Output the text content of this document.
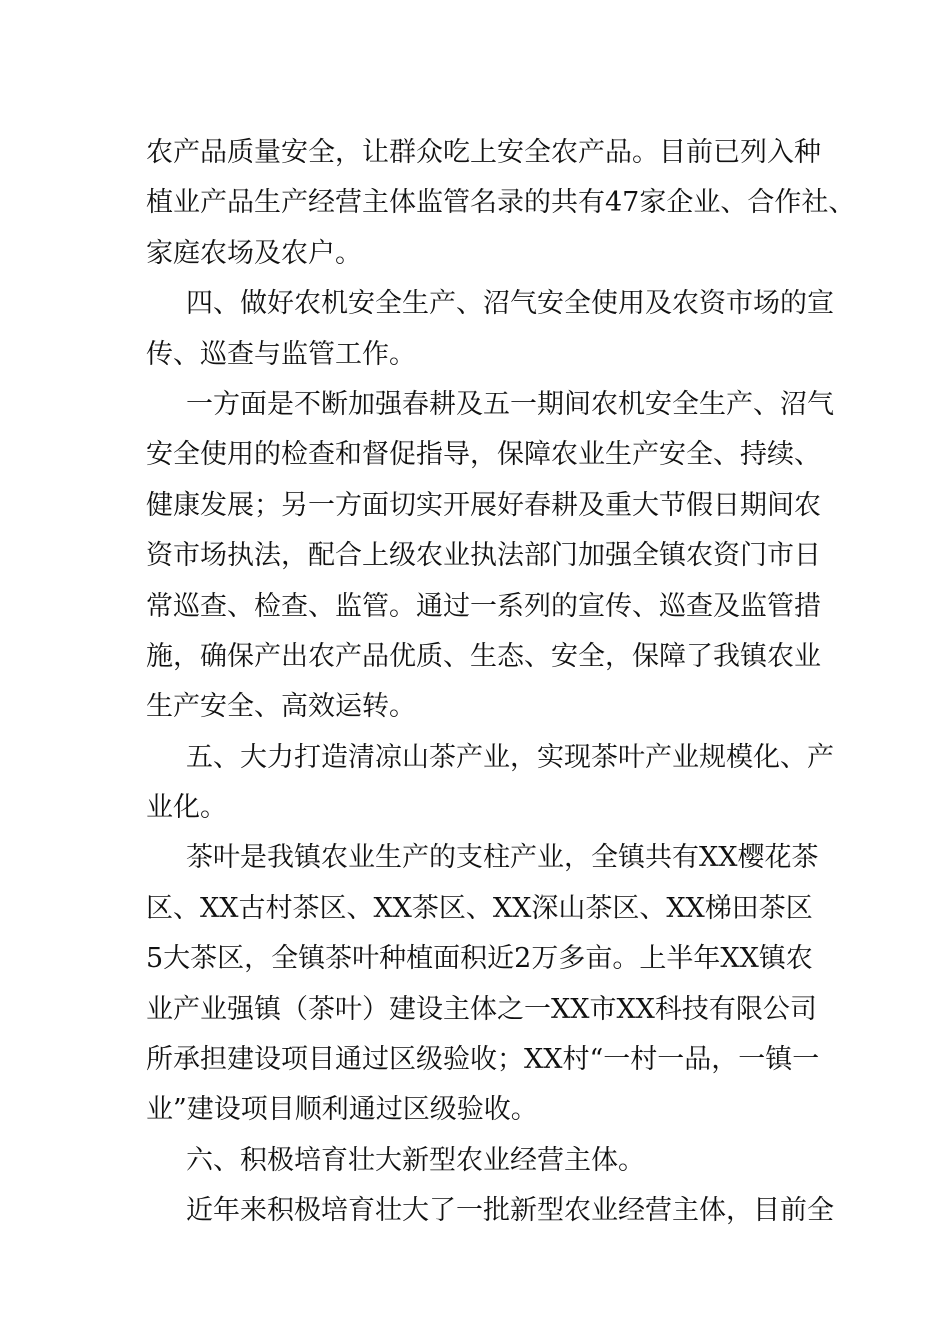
农产品质量安全，让群众吃上安全农产品。目前已列入种
植业产品生产经营主体监管名录的共有47家企业、合作社、
家庭农场及农户。
四、做好农机安全生产、沼气安全使用及农资市场的宣
传、巡查与监管工作。
一方面是不断加强春耕及五一期间农机安全生产、沼气
安全使用的检查和督促指导，保障农业生产安全、持续、
健康发展；另一方面切实开展好春耕及重大节假日期间农
资市场执法，配合上级农业执法部门加强全镇农资门市日
常巡查、检查、监管。通过一系列的宣传、巡查及监管措
施，确保产出农产品优质、生态、安全，保障了我镇农业
生产安全、高效运转。
五、大力打造清凉山茶产业，实现茶叶产业规模化、产
业化。
茶叶是我镇农业生产的支柱产业，全镇共有XX樱花茶
区、XX古村茶区、XX茶区、XX深山茶区、XX梯田茶区
5大茶区，全镇茶叶种植面积近2万多亩。上半年XX镇农
业产业强镇（茶叶）建设主体之一XX市XX科技有限公司
所承担建设项目通过区级验收；XX村“一村一品，一镇一
业”建设项目顺利通过区级验收。
六、积极培育壮大新型农业经营主体。
近年来积极培育壮大了一批新型农业经营主体，目前全
